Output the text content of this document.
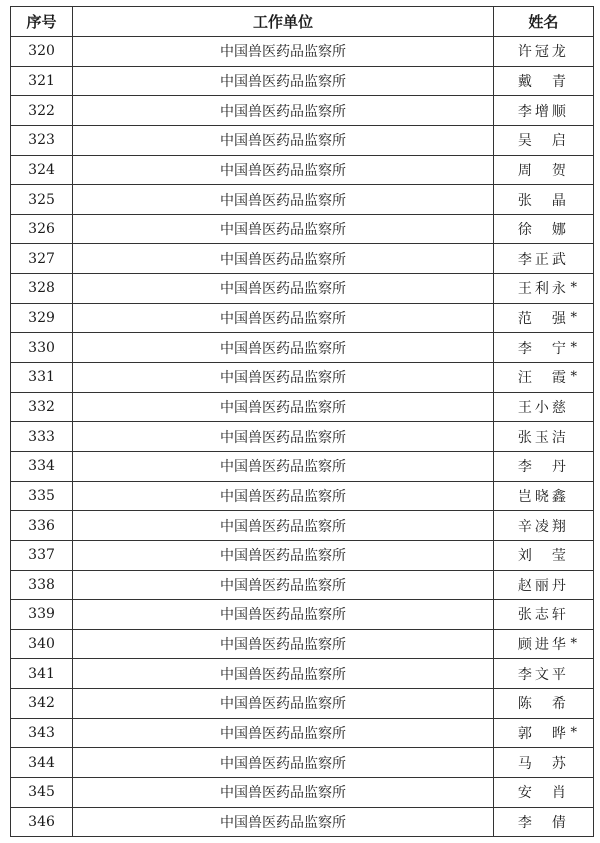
序号	工作单位	姓名
320	中国兽医药品监察所	许冠龙

321	中国兽医药品监察所	戴　青

322	中国兽医药品监察所	李增顺

323	中国兽医药品监察所	吴　启

324	中国兽医药品监察所	周　贺

325	中国兽医药品监察所	张　晶

326	中国兽医药品监察所	徐　娜

327	中国兽医药品监察所	李正武

328	中国兽医药品监察所	王利永 *

329	中国兽医药品监察所	范　强 *

330	中国兽医药品监察所	李　宁 *

331	中国兽医药品监察所	汪　霞 *

332	中国兽医药品监察所	王小慈

333	中国兽医药品监察所	张玉洁

334	中国兽医药品监察所	李　丹

335	中国兽医药品监察所	岂晓鑫

336	中国兽医药品监察所	辛凌翔

337	中国兽医药品监察所	刘　莹

338	中国兽医药品监察所	赵丽丹

339	中国兽医药品监察所	张志轩

340	中国兽医药品监察所	顾进华 *

341	中国兽医药品监察所	李文平

342	中国兽医药品监察所	陈　希

343	中国兽医药品监察所	郭　晔 *

344	中国兽医药品监察所	马　苏

345	中国兽医药品监察所	安　肖

346	中国兽医药品监察所	李　倩
